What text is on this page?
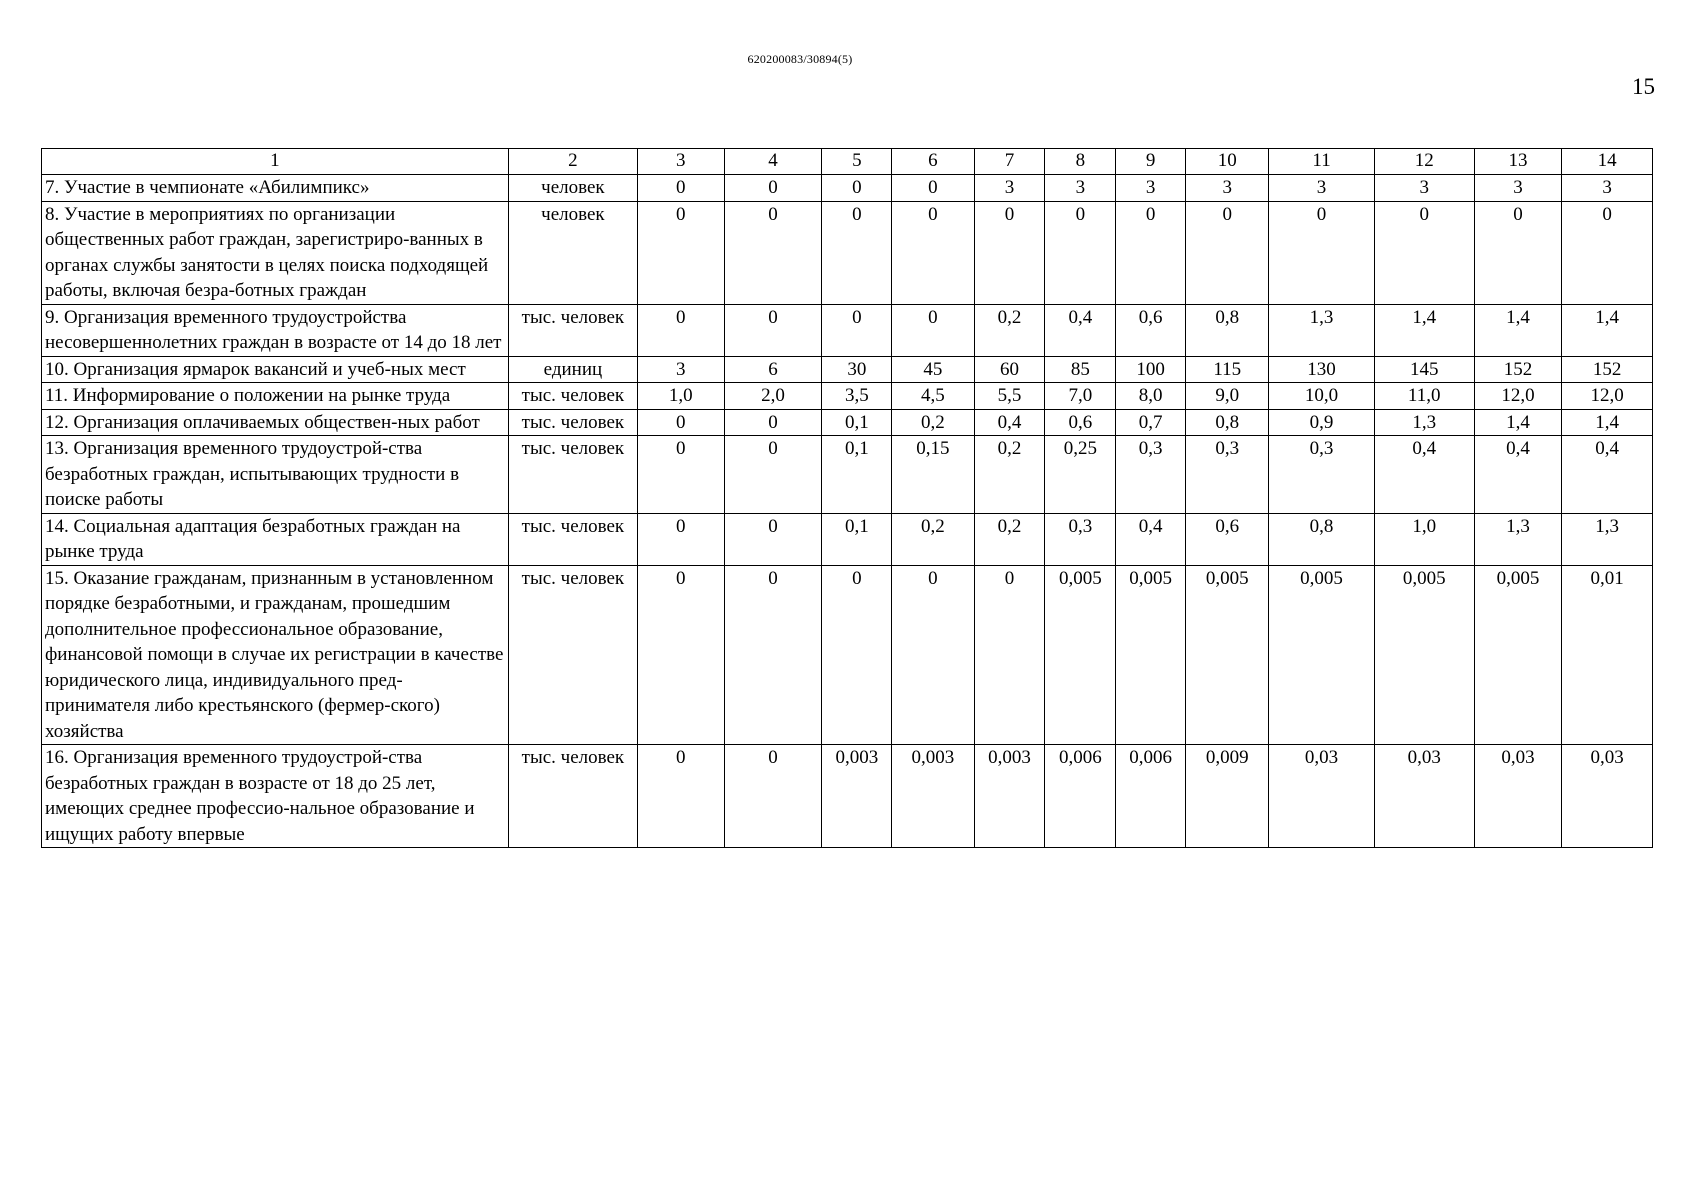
620200083/30894(5)
15
1	2	3	4	5	6	7	8	9	10	11	12	13	14
7. Участие в чемпионате «Абилимпикс»	человек	0	0	0	0	3	3	3	3	3	3	3	3
8. Участие в мероприятиях по организации общественных работ граждан, зарегистриро-ванных в органах службы занятости в целях поиска подходящей работы, включая безра-ботных граждан	человек	0	0	0	0	0	0	0	0	0	0	0	0
9. Организация временного трудоустройства несовершеннолетних граждан в возрасте от 14 до 18 лет	тыс. человек	0	0	0	0	0,2	0,4	0,6	0,8	1,3	1,4	1,4	1,4
10. Организация ярмарок вакансий и учеб-ных мест	единиц	3	6	30	45	60	85	100	115	130	145	152	152
11. Информирование о положении на рынке труда	тыс. человек	1,0	2,0	3,5	4,5	5,5	7,0	8,0	9,0	10,0	11,0	12,0	12,0
12. Организация оплачиваемых обществен-ных работ	тыс. человек	0	0	0,1	0,2	0,4	0,6	0,7	0,8	0,9	1,3	1,4	1,4
13. Организация временного трудоустрой-ства безработных граждан, испытывающих трудности в поиске работы	тыс. человек	0	0	0,1	0,15	0,2	0,25	0,3	0,3	0,3	0,4	0,4	0,4
14. Социальная адаптация безработных граждан на рынке труда	тыс. человек	0	0	0,1	0,2	0,2	0,3	0,4	0,6	0,8	1,0	1,3	1,3
15. Оказание гражданам, признанным в установленном порядке безработными, и гражданам, прошедшим дополнительное профессиональное образование, финансовой помощи в случае их регистрации в качестве юридического лица, индивидуального пред-принимателя либо крестьянского (фермер-ского) хозяйства	тыс. человек	0	0	0	0	0	0,005	0,005	0,005	0,005	0,005	0,005	0,01
16. Организация временного трудоустрой-ства безработных граждан в возрасте от 18 до 25 лет, имеющих среднее профессио-нальное образование и ищущих работу впервые	тыс. человек	0	0	0,003	0,003	0,003	0,006	0,006	0,009	0,03	0,03	0,03	0,03
